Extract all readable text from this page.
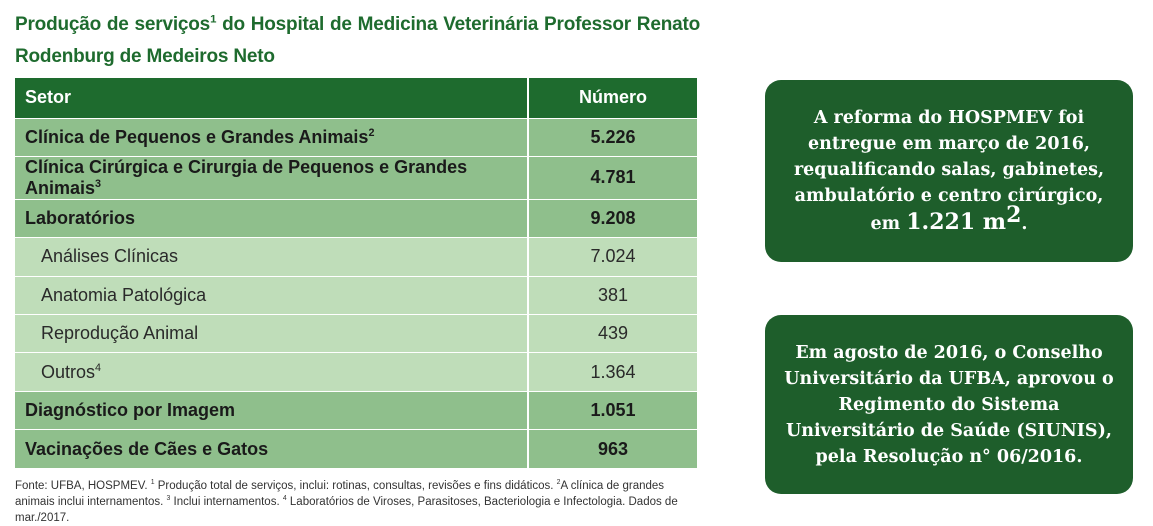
Produção de serviços$^1$ do Hospital de Medicina Veterinária Professor Renato Rodenburg de Medeiros Neto
Setor	Número
Clínica de Pequenos e Grandes Animais$^2$	5.226
Clínica Cirúrgica e Cirurgia de Pequenos e Grandes Animais$^3$	4.781
Laboratórios	9.208
Análises Clínicas	7.024
Anatomia Patológica	381
Reprodução Animal	439
Outros$^4$	1.364
Diagnóstico por Imagem	1.051
Vacinações de Cães e Gatos	963
Fonte: UFBA, HOSPMEV. $^1$ Produção total de serviços, inclui: rotinas, consultas, revisões e fins didáticos. $^2$A clínica de grandes animais inclui internamentos. $^3$ Inclui internamentos. $^4$ Laboratórios de Viroses, Parasitoses, Bacteriologia e Infectologia. Dados de mar./2017.
A reforma do HOSPMEV foi entregue em março de 2016, requalificando salas, gabinetes, ambulatório e centro cirúrgico, em 1.221 $m^2$.
Em agosto de 2016, o Conselho Universitário da UFBA, aprovou o Regimento do Sistema Universitário de Saúde (SIUNIS), pela Resolução n° 06/2016.
